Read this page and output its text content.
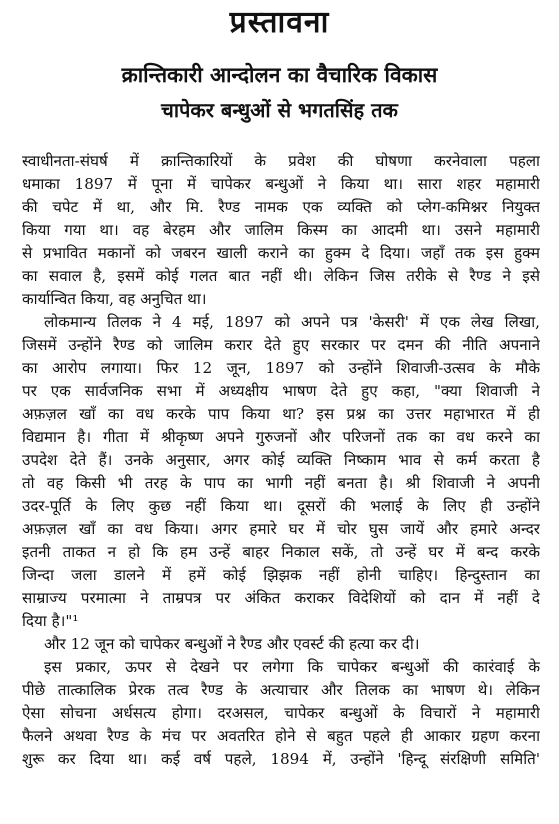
प्रस्तावना
क्रान्तिकारी आन्दोलन का वैचारिक विकास
चापेकर बन्धुओं से भगतसिंह तक
स्वाधीनता-संघर्ष में क्रान्तिकारियों के प्रवेश की घोषणा करनेवाला पहला
धमाका 1897 में पूना में चापेकर बन्धुओं ने किया था। सारा शहर महामारी
की चपेट में था, और मि. रैण्ड नामक एक व्यक्ति को प्लेग-कमिश्नर नियुक्त
किया गया था। वह बेरहम और जालिम किस्म का आदमी था। उसने महामारी
से प्रभावित मकानों को जबरन खाली कराने का हुक्म दे दिया। जहाँ तक इस हुक्म
का सवाल है, इसमें कोई गलत बात नहीं थी। लेकिन जिस तरीके से रैण्ड ने इसे
कार्यान्वित किया, वह अनुचित था।
लोकमान्य तिलक ने 4 मई, 1897 को अपने पत्र 'केसरी' में एक लेख लिखा,
जिसमें उन्होंने रैण्ड को जालिम करार देते हुए सरकार पर दमन की नीति अपनाने
का आरोप लगाया। फिर 12 जून, 1897 को उन्होंने शिवाजी-उत्सव के मौके
पर एक सार्वजनिक सभा में अध्यक्षीय भाषण देते हुए कहा, "क्या शिवाजी ने
अफ़ज़ल खाँ का वध करके पाप किया था? इस प्रश्न का उत्तर महाभारत में ही
विद्यमान है। गीता में श्रीकृष्ण अपने गुरुजनों और परिजनों तक का वध करने का
उपदेश देते हैं। उनके अनुसार, अगर कोई व्यक्ति निष्काम भाव से कर्म करता है
तो वह किसी भी तरह के पाप का भागी नहीं बनता है। श्री शिवाजी ने अपनी
उदर-पूर्ति के लिए कुछ नहीं किया था। दूसरों की भलाई के लिए ही उन्होंने
अफ़ज़ल खाँ का वध किया। अगर हमारे घर में चोर घुस जायें और हमारे अन्दर
इतनी ताकत न हो कि हम उन्हें बाहर निकाल सकें, तो उन्हें घर में बन्द करके
जिन्दा जला डालने में हमें कोई झिझक नहीं होनी चाहिए। हिन्दुस्तान का
साम्राज्य परमात्मा ने ताम्रपत्र पर अंकित कराकर विदेशियों को दान में नहीं दे
दिया है।"¹
और 12 जून को चापेकर बन्धुओं ने रैण्ड और एवर्स्ट की हत्या कर दी।
इस प्रकार, ऊपर से देखने पर लगेगा कि चापेकर बन्धुओं की कारंवाई के
पीछे तात्कालिक प्रेरक तत्व रैण्ड के अत्याचार और तिलक का भाषण थे। लेकिन
ऐसा सोचना अर्धसत्य होगा। दरअसल, चापेकर बन्धुओं के विचारों ने महामारी
फैलने अथवा रैण्ड के मंच पर अवतरित होने से बहुत पहले ही आकार ग्रहण करना
शुरू कर दिया था। कई वर्ष पहले, 1894 में, उन्होंने 'हिन्दू संरक्षिणी समिति'
